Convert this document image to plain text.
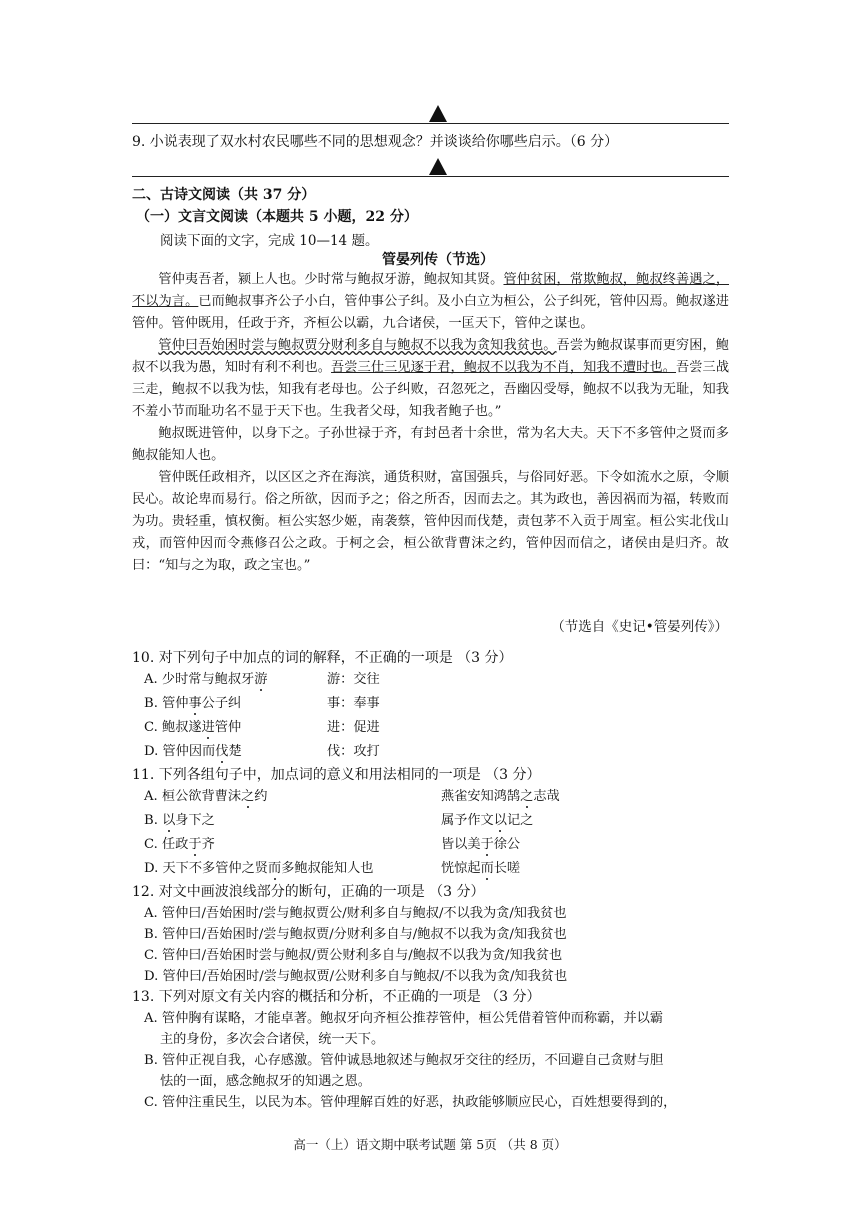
9. 小说表现了双水村农民哪些不同的思想观念？并谈谈给你哪些启示。（6 分）
二、古诗文阅读（共 37 分）
（一）文言文阅读（本题共 5 小题，22 分）
阅读下面的文字，完成 10—14 题。
管晏列传（节选）

管仲夷吾者，颍上人也。少时常与鲍叔牙游，鲍叔知其贤。管仲贫困，常欺鲍叔，鲍叔终善遇之，不以为言。已而鲍叔事齐公子小白，管仲事公子纠。及小白立为桓公，公子纠死，管仲囚焉。鲍叔遂进管仲。管仲既用，任政于齐，齐桓公以霸，九合诸侯，一匡天下，管仲之谋也。

管仲曰吾始困时尝与鲍叔贾分财利多自与鲍叔不以我为贪知我贫也。吾尝为鲍叔谋事而更穷困，鲍叔不以我为愚，知时有利不利也。吾尝三仕三见逐于君，鲍叔不以我为不肖，知我不遭时也。吾尝三战三走，鲍叔不以我为怯，知我有老母也。公子纠败，召忽死之，吾幽囚受辱，鲍叔不以我为无耻，知我不羞小节而耻功名不显于天下也。生我者父母，知我者鲍子也。”

鲍叔既进管仲，以身下之。子孙世禄于齐，有封邑者十余世，常为名大夫。天下不多管仲之贤而多鲍叔能知人也。

管仲既任政相齐，以区区之齐在海滨，通货积财，富国强兵，与俗同好恶。下令如流水之原，令顺民心。故论卑而易行。俗之所欲，因而予之；俗之所否，因而去之。其为政也，善因祸而为福，转败而为功。贵轻重，慎权衡。桓公实怒少姬，南袭蔡，管仲因而伐楚，责包茅不入贡于周室。桓公实北伐山戎，而管仲因而令燕修召公之政。于柯之会，桓公欲背曹沫之约，管仲因而信之，诸侯由是归齐。故曰：“知与之为取，政之宝也。”

（节选自《史记•管晏列传》）
10. 对下列句子中加点的词的解释，不正确的一项是 （3 分）
A. 少时常与鲍叔牙游	游：交往
B. 管仲事公子纠	事：奉事
C. 鲍叔遂进管仲	进：促进
D. 管仲因而伐楚	伐：攻打
11. 下列各组句子中，加点词的意义和用法相同的一项是 （3 分）
A. 桓公欲背曹沫之约	燕雀安知鸿鹄之志哉
B. 以身下之	属予作文以记之
C. 任政于齐	皆以美于徐公
D. 天下不多管仲之贤而多鲍叔能知人也	恍惊起而长嗟
12. 对文中画波浪线部分的断句，正确的一项是 （3 分）
A. 管仲曰/吾始困时/尝与鲍叔贾公/财利多自与鲍叔/不以我为贪/知我贫也
B. 管仲曰/吾始困时/尝与鲍叔贾/分财利多自与/鲍叔不以我为贪/知我贫也
C. 管仲曰/吾始困时尝与鲍叔/贾公财利多自与/鲍叔不以我为贪/知我贫也
D. 管仲曰/吾始困时/尝与鲍叔贾/公财利多自与鲍叔/不以我为贪/知我贫也
13. 下列对原文有关内容的概括和分析，不正确的一项是 （3 分）
A. 管仲胸有谋略，才能卓著。鲍叔牙向齐桓公推荐管仲，桓公凭借着管仲而称霸，并以霸
主的身份，多次会合诸侯，统一天下。
B. 管仲正视自我，心存感激。管仲诚恳地叙述与鲍叔牙交往的经历，不回避自己贪财与胆
怯的一面，感念鲍叔牙的知遇之恩。
C. 管仲注重民生，以民为本。管仲理解百姓的好恶，执政能够顺应民心，百姓想要得到的，
高一（上）语文期中联考试题 第 5页 （共 8 页）
